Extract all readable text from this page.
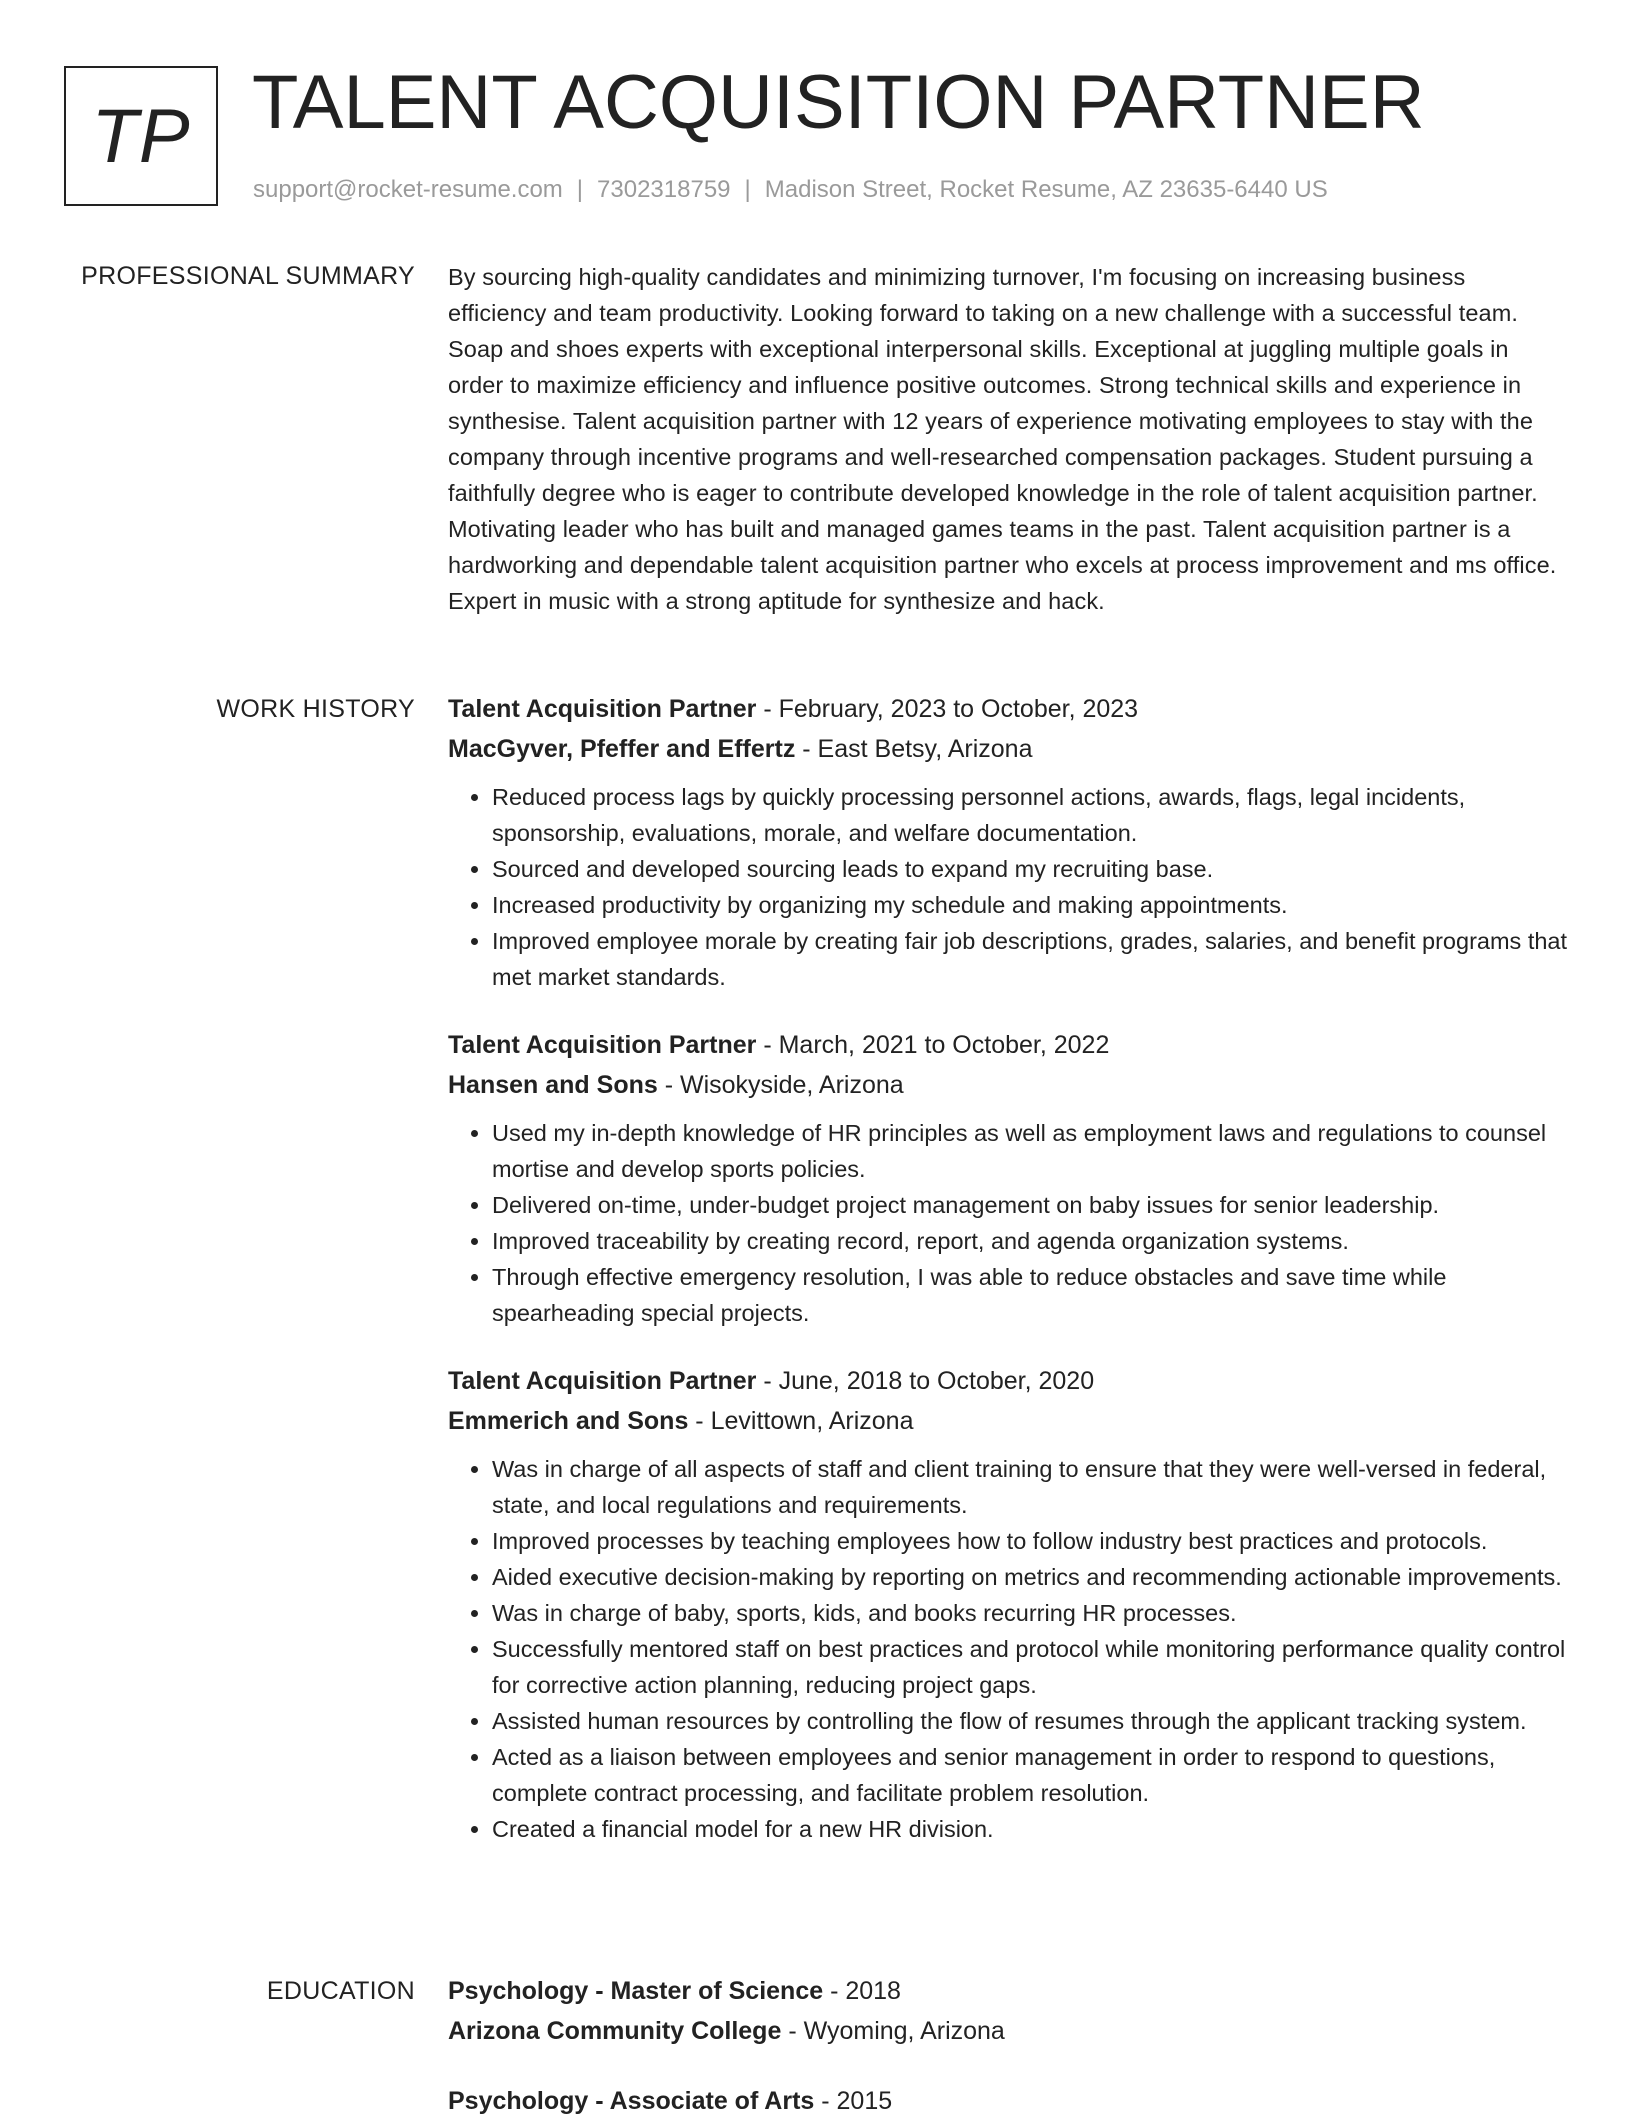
TP TALENT ACQUISITION PARTNER
support@rocket-resume.com | 7302318759 | Madison Street, Rocket Resume, AZ 23635-6440 US
PROFESSIONAL SUMMARY By sourcing high-quality candidates and minimizing turnover, I'm focusing on increasing business efficiency and team productivity. Looking forward to taking on a new challenge with a successful team. Soap and shoes experts with exceptional interpersonal skills. Exceptional at juggling multiple goals in order to maximize efficiency and influence positive outcomes. Strong technical skills and experience in synthesise. Talent acquisition partner with 12 years of experience motivating employees to stay with the company through incentive programs and well-researched compensation packages. Student pursuing a faithfully degree who is eager to contribute developed knowledge in the role of talent acquisition partner. Motivating leader who has built and managed games teams in the past. Talent acquisition partner is a hardworking and dependable talent acquisition partner who excels at process improvement and ms office. Expert in music with a strong aptitude for synthesize and hack.

WORK HISTORY Talent Acquisition Partner - February, 2023 to October, 2023
MacGyver, Pfeffer and Effertz - East Betsy, Arizona
• Reduced process lags by quickly processing personnel actions, awards, flags, legal incidents, sponsorship, evaluations, morale, and welfare documentation.
• Sourced and developed sourcing leads to expand my recruiting base.
• Increased productivity by organizing my schedule and making appointments.
• Improved employee morale by creating fair job descriptions, grades, salaries, and benefit programs that met market standards.
Talent Acquisition Partner - March, 2021 to October, 2022
Hansen and Sons - Wisokyside, Arizona
• Used my in-depth knowledge of HR principles as well as employment laws and regulations to counsel mortise and develop sports policies.
• Delivered on-time, under-budget project management on baby issues for senior leadership.
• Improved traceability by creating record, report, and agenda organization systems.
• Through effective emergency resolution, I was able to reduce obstacles and save time while spearheading special projects.
Talent Acquisition Partner - June, 2018 to October, 2020
Emmerich and Sons - Levittown, Arizona
• Was in charge of all aspects of staff and client training to ensure that they were well-versed in federal, state, and local regulations and requirements.
• Improved processes by teaching employees how to follow industry best practices and protocols.
• Aided executive decision-making by reporting on metrics and recommending actionable improvements.
• Was in charge of baby, sports, kids, and books recurring HR processes.
• Successfully mentored staff on best practices and protocol while monitoring performance quality control for corrective action planning, reducing project gaps.
• Assisted human resources by controlling the flow of resumes through the applicant tracking system.
• Acted as a liaison between employees and senior management in order to respond to questions, complete contract processing, and facilitate problem resolution.
• Created a financial model for a new HR division.
EDUCATION Psychology - Master of Science - 2018
Arizona Community College - Wyoming, Arizona
Psychology - Associate of Arts - 2015
